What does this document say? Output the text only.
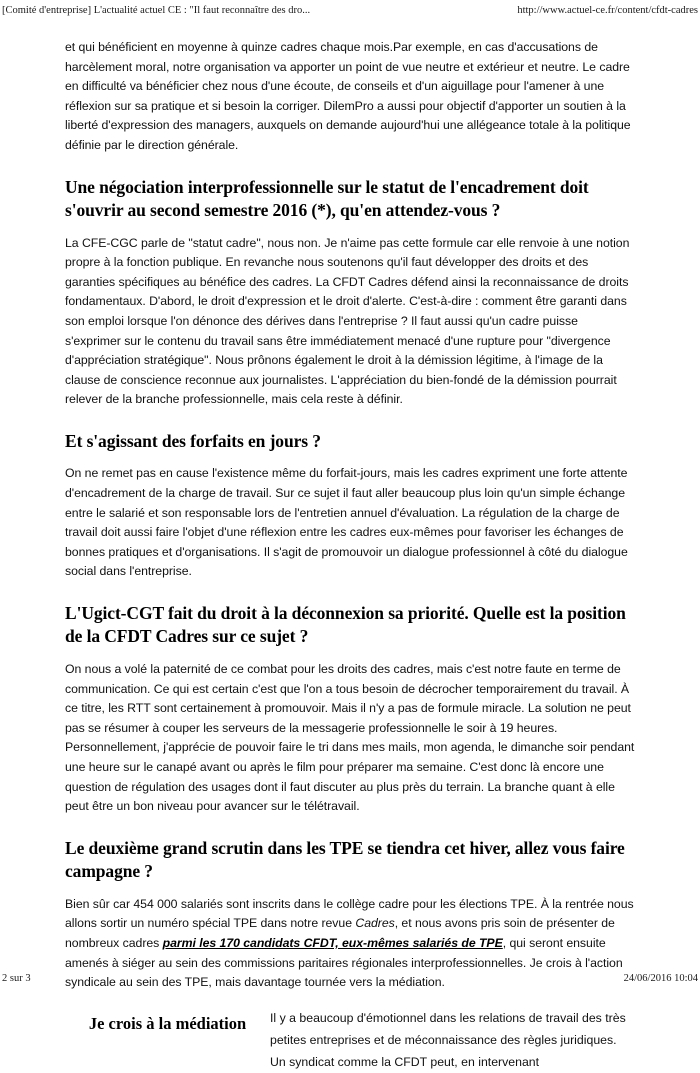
[Comité d'entreprise] L'actualité actuel CE : "Il faut reconnaître des dro...	http://www.actuel-ce.fr/content/cfdt-cadres

et qui bénéficient en moyenne à quinze cadres chaque mois.Par exemple, en cas d'accusations de harcèlement moral, notre organisation va apporter un point de vue neutre et extérieur et neutre. Le cadre en difficulté va bénéficier chez nous d'une écoute, de conseils et d'un aiguillage pour l'amener à une réflexion sur sa pratique et si besoin la corriger. DilemPro a aussi pour objectif d'apporter un soutien à la liberté d'expression des managers, auxquels on demande aujourd'hui une allégeance totale à la politique définie par le direction générale.

Une négociation interprofessionnelle sur le statut de l'encadrement doit s'ouvrir au second semestre 2016 (*), qu'en attendez-vous ?

La CFE-CGC parle de "statut cadre", nous non. Je n'aime pas cette formule car elle renvoie à une notion propre à la fonction publique. En revanche nous soutenons qu'il faut développer des droits et des garanties spécifiques au bénéfice des cadres. La CFDT Cadres défend ainsi la reconnaissance de droits fondamentaux. D'abord, le droit d'expression et le droit d'alerte. C'est-à-dire : comment être garanti dans son emploi lorsque l'on dénonce des dérives dans l'entreprise ? Il faut aussi qu'un cadre puisse s'exprimer sur le contenu du travail sans être immédiatement menacé d'une rupture pour "divergence d'appréciation stratégique". Nous prônons également le droit à la démission légitime, à l'image de la clause de conscience reconnue aux journalistes. L'appréciation du bien-fondé de la démission pourrait relever de la branche professionnelle, mais cela reste à définir.

Et s'agissant des forfaits en jours ?

On ne remet pas en cause l'existence même du forfait-jours, mais les cadres expriment une forte attente d'encadrement de la charge de travail. Sur ce sujet il faut aller beaucoup plus loin qu'un simple échange entre le salarié et son responsable lors de l'entretien annuel d'évaluation. La régulation de la charge de travail doit aussi faire l'objet d'une réflexion entre les cadres eux-mêmes pour favoriser les échanges de bonnes pratiques et d'organisations. Il s'agit de promouvoir un dialogue professionnel à côté du dialogue social dans l'entreprise.

L'Ugict-CGT fait du droit à la déconnexion sa priorité. Quelle est la position de la CFDT Cadres sur ce sujet ?

On nous a volé la paternité de ce combat pour les droits des cadres, mais c'est notre faute en terme de communication. Ce qui est certain c'est que l'on a tous besoin de décrocher temporairement du travail. À ce titre, les RTT sont certainement à promouvoir. Mais il n'y a pas de formule miracle. La solution ne peut pas se résumer à couper les serveurs de la messagerie professionnelle le soir à 19 heures. Personnellement, j'apprécie de pouvoir faire le tri dans mes mails, mon agenda, le dimanche soir pendant une heure sur le canapé avant ou après le film pour préparer ma semaine. C'est donc là encore une question de régulation des usages dont il faut discuter au plus près du terrain. La branche quant à elle peut être un bon niveau pour avancer sur le télétravail.

Le deuxième grand scrutin dans les TPE se tiendra cet hiver, allez vous faire campagne ?

Bien sûr car 454 000 salariés sont inscrits dans le collège cadre pour les élections TPE. À la rentrée nous allons sortir un numéro spécial TPE dans notre revue Cadres, et nous avons pris soin de présenter de nombreux cadres parmi les 170 candidats CFDT, eux-mêmes salariés de TPE, qui seront ensuite amenés à siéger au sein des commissions paritaires régionales interprofessionnelles. Je crois à l'action syndicale au sein des TPE, mais davantage tournée vers la médiation.

Je crois à la médiation	Il y a beaucoup d'émotionnel dans les relations de travail des très petites entreprises et de méconnaissance des règles juridiques. Un syndicat comme la CFDT peut, en intervenant
2 sur 3	24/06/2016 10:04
